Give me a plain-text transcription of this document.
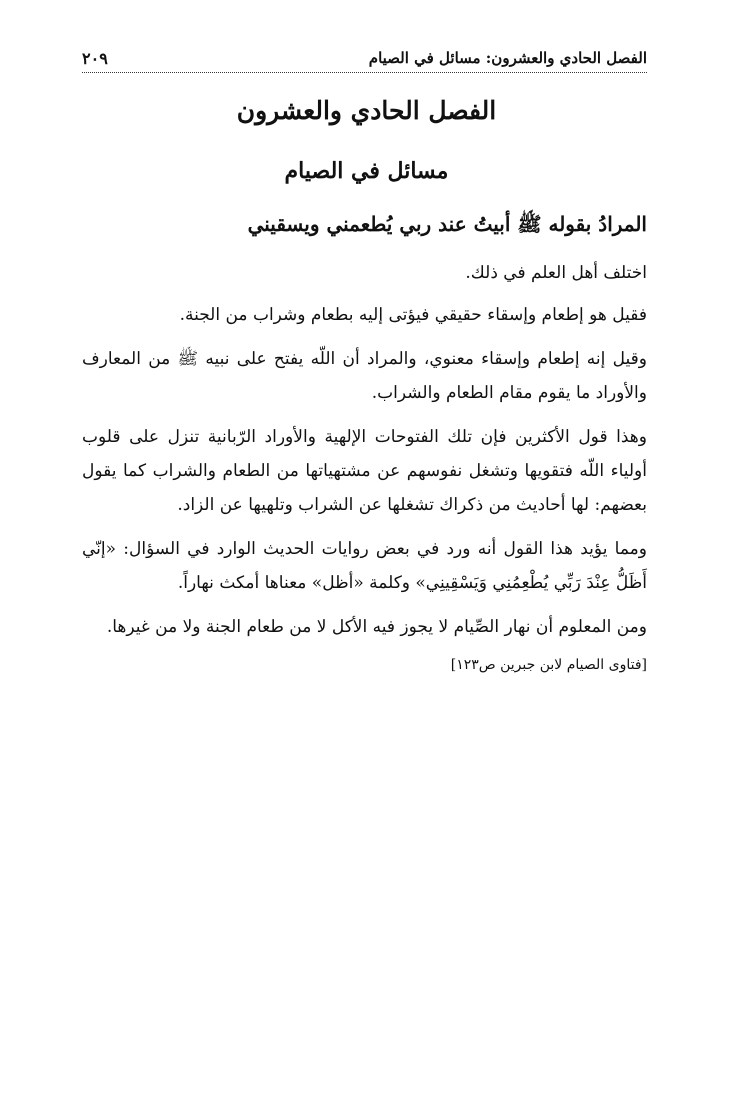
الفصل الحادي والعشرون: مسائل في الصيام
٢٠٩
الفصل الحادي والعشرون
مسائل في الصيام
المرادُ بقوله ﷺ أبيتُ عند ربي يُطعمني ويسقيني

اختلف أهل العلم في ذلك.

فقيل هو إطعام وإسقاء حقيقي فيؤتى إليه بطعام وشراب من الجنة.

وقيل إنه إطعام وإسقاء معنوي، والمراد أن اللّه يفتح على نبيه ﷺ من المعارف والأوراد ما يقوم مقام الطعام والشراب.

وهذا قول الأكثرين فإن تلك الفتوحات الإلهية والأوراد الرّبانية تنزل على قلوب أولياء اللّه فتقويها وتشغل نفوسهم عن مشتهياتها من الطعام والشراب كما يقول بعضهم: لها أحاديث من ذكراك تشغلها عن الشراب وتلهيها عن الزاد.

ومما يؤيد هذا القول أنه ورد في بعض روايات الحديث الوارد في السؤال: «إنّي أَظَلُّ عِنْدَ رَبِّي يُطْعِمُنِي وَيَسْقِينِي» وكلمة «أظل» معناها أمكث نهاراً.

ومن المعلوم أن نهار الصِّيام لا يجوز فيه الأكل لا من طعام الجنة ولا من غيرها.

[فتاوى الصيام لابن جبرين ص١٢٣]
